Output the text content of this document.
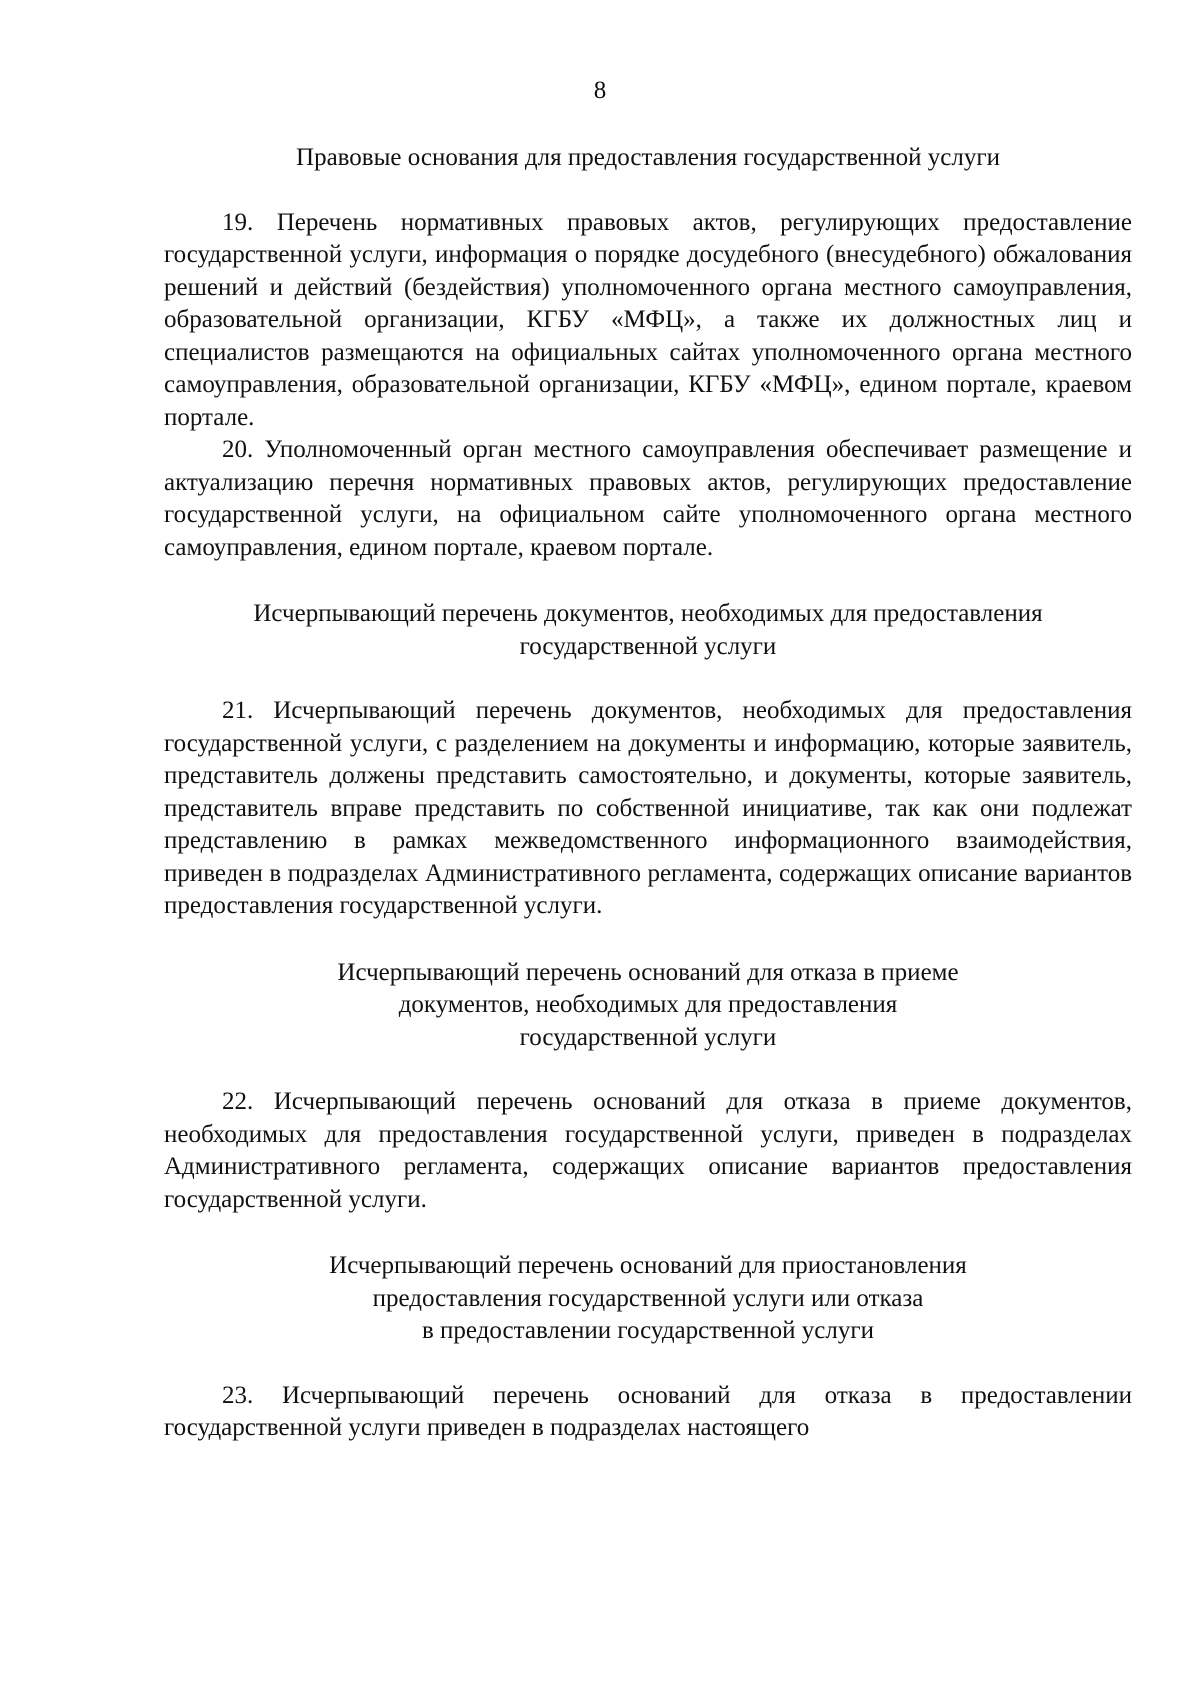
8

Правовые основания для предоставления государственной услуги

19. Перечень нормативных правовых актов, регулирующих предоставление государственной услуги, информация о порядке досудебного (внесудебного) обжалования решений и действий (бездействия) уполномоченного органа местного самоуправления, образовательной организации, КГБУ «МФЦ», а также их должностных лиц и специалистов размещаются на официальных сайтах уполномоченного органа местного самоуправления, образовательной организации, КГБУ «МФЦ», едином портале, краевом портале.

20. Уполномоченный орган местного самоуправления обеспечивает размещение и актуализацию перечня нормативных правовых актов, регулирующих предоставление государственной услуги, на официальном сайте уполномоченного органа местного самоуправления, едином портале, краевом портале.

Исчерпывающий перечень документов, необходимых для предоставления
государственной услуги

21. Исчерпывающий перечень документов, необходимых для предоставления государственной услуги, с разделением на документы и информацию, которые заявитель, представитель должены представить самостоятельно, и документы, которые заявитель, представитель вправе представить по собственной инициативе, так как они подлежат представлению в рамках межведомственного информационного взаимодействия, приведен в подразделах Административного регламента, содержащих описание вариантов предоставления государственной услуги.

Исчерпывающий перечень оснований для отказа в приеме
документов, необходимых для предоставления
государственной услуги

22. Исчерпывающий перечень оснований для отказа в приеме документов, необходимых для предоставления государственной услуги, приведен в подразделах Административного регламента, содержащих описание вариантов предоставления государственной услуги.

Исчерпывающий перечень оснований для приостановления
предоставления государственной услуги или отказа
в предоставлении государственной услуги

23. Исчерпывающий перечень оснований для отказа в предоставлении государственной услуги приведен в подразделах настоящего
